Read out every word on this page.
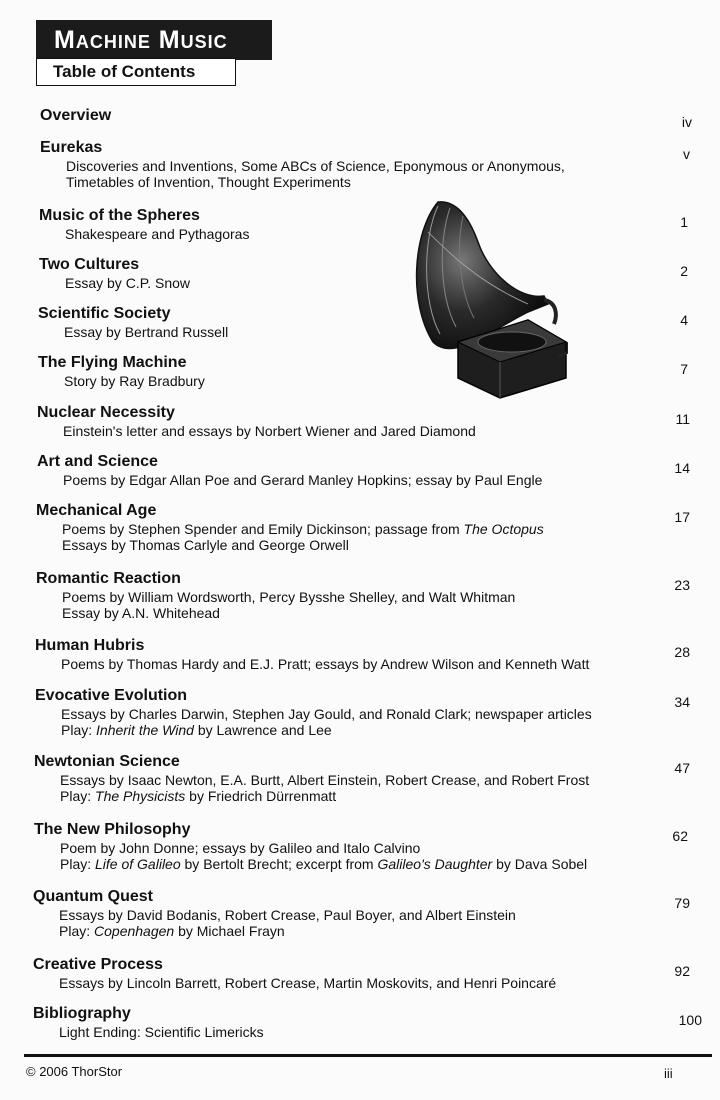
Machine Music
Table of Contents
Overview	iv
Eurekas
Discoveries and Inventions, Some ABCs of Science, Eponymous or Anonymous,
Timetables of Invention, Thought Experiments
v
Music of the Spheres
Shakespeare and Pythagoras
1
Two Cultures
Essay by C.P. Snow
2
Scientific Society
Essay by Bertrand Russell
4
The Flying Machine
Story by Ray Bradbury
7
Nuclear Necessity
Einstein's letter and essays by Norbert Wiener and Jared Diamond
11
Art and Science
Poems by Edgar Allan Poe and Gerard Manley Hopkins; essay by Paul Engle
14
Mechanical Age
Poems by Stephen Spender and Emily Dickinson; passage from The Octopus
Essays by Thomas Carlyle and George Orwell
17
Romantic Reaction
Poems by William Wordsworth, Percy Bysshe Shelley, and Walt Whitman
Essay by A.N. Whitehead
23
Human Hubris
Poems by Thomas Hardy and E.J. Pratt; essays by Andrew Wilson and Kenneth Watt
28
Evocative Evolution
Essays by Charles Darwin, Stephen Jay Gould, and Ronald Clark; newspaper articles
Play: Inherit the Wind by Lawrence and Lee
34
Newtonian Science
Essays by Isaac Newton, E.A. Burtt, Albert Einstein, Robert Crease, and Robert Frost
Play: The Physicists by Friedrich Dürrenmatt
47
The New Philosophy
Poem by John Donne; essays by Galileo and Italo Calvino
Play: Life of Galileo by Bertolt Brecht; excerpt from Galileo's Daughter by Dava Sobel
62
Quantum Quest
Essays by David Bodanis, Robert Crease, Paul Boyer, and Albert Einstein
Play: Copenhagen by Michael Frayn
79
Creative Process
Essays by Lincoln Barrett, Robert Crease, Martin Moskovits, and Henri Poincaré
92
Bibliography
Light Ending: Scientific Limericks
100
© 2006 ThorStor	iii
